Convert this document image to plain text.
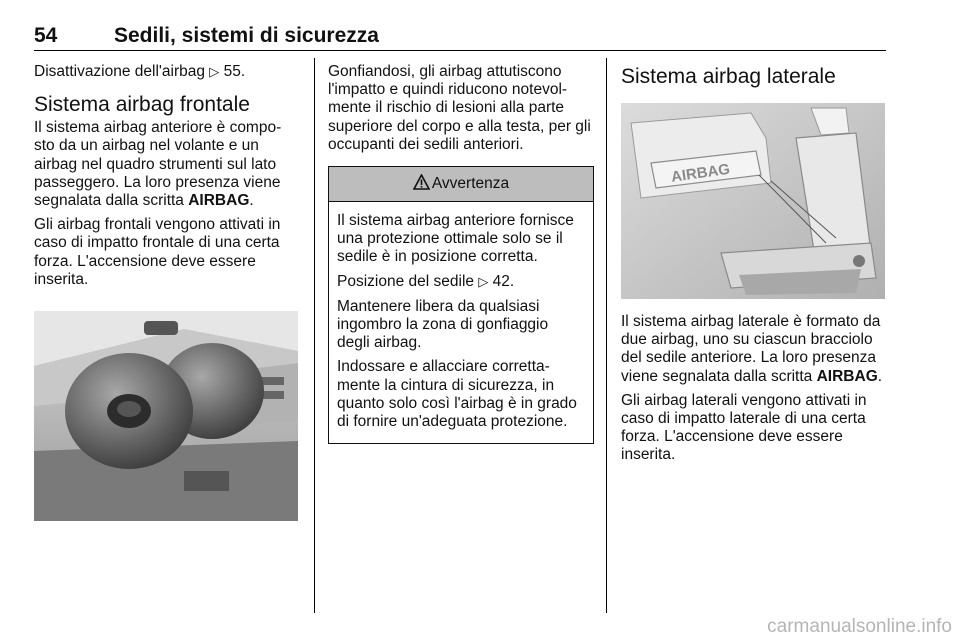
54	Sedili, sistemi di sicurezza

Disattivazione dell'airbag ▷ 55.

Sistema airbag frontale

Il sistema airbag anteriore è compo-sto da un airbag nel volante e un airbag nel quadro strumenti sul lato passeggero. La loro presenza viene segnalata dalla scritta AIRBAG.

Gli airbag frontali vengono attivati in caso di impatto frontale di una certa forza. L'accensione deve essere inserita.

Gonfiandosi, gli airbag attutiscono l'impatto e quindi riducono notevol-mente il rischio di lesioni alla parte superiore del corpo e alla testa, per gli occupanti dei sedili anteriori.

Avvertenza

Il sistema airbag anteriore fornisce una protezione ottimale solo se il sedile è in posizione corretta.

Posizione del sedile ▷ 42.

Mantenere libera da qualsiasi ingombro la zona di gonfiaggio degli airbag.

Indossare e allacciare corretta-mente la cintura di sicurezza, in quanto solo così l'airbag è in grado di fornire un'adeguata protezione.

Sistema airbag laterale
AIRBAG

Il sistema airbag laterale è formato da due airbag, uno su ciascun bracciolo del sedile anteriore. La loro presenza viene segnalata dalla scritta AIRBAG.

Gli airbag laterali vengono attivati in caso di impatto laterale di una certa forza. L'accensione deve essere inserita.

carmanualsonline.info
